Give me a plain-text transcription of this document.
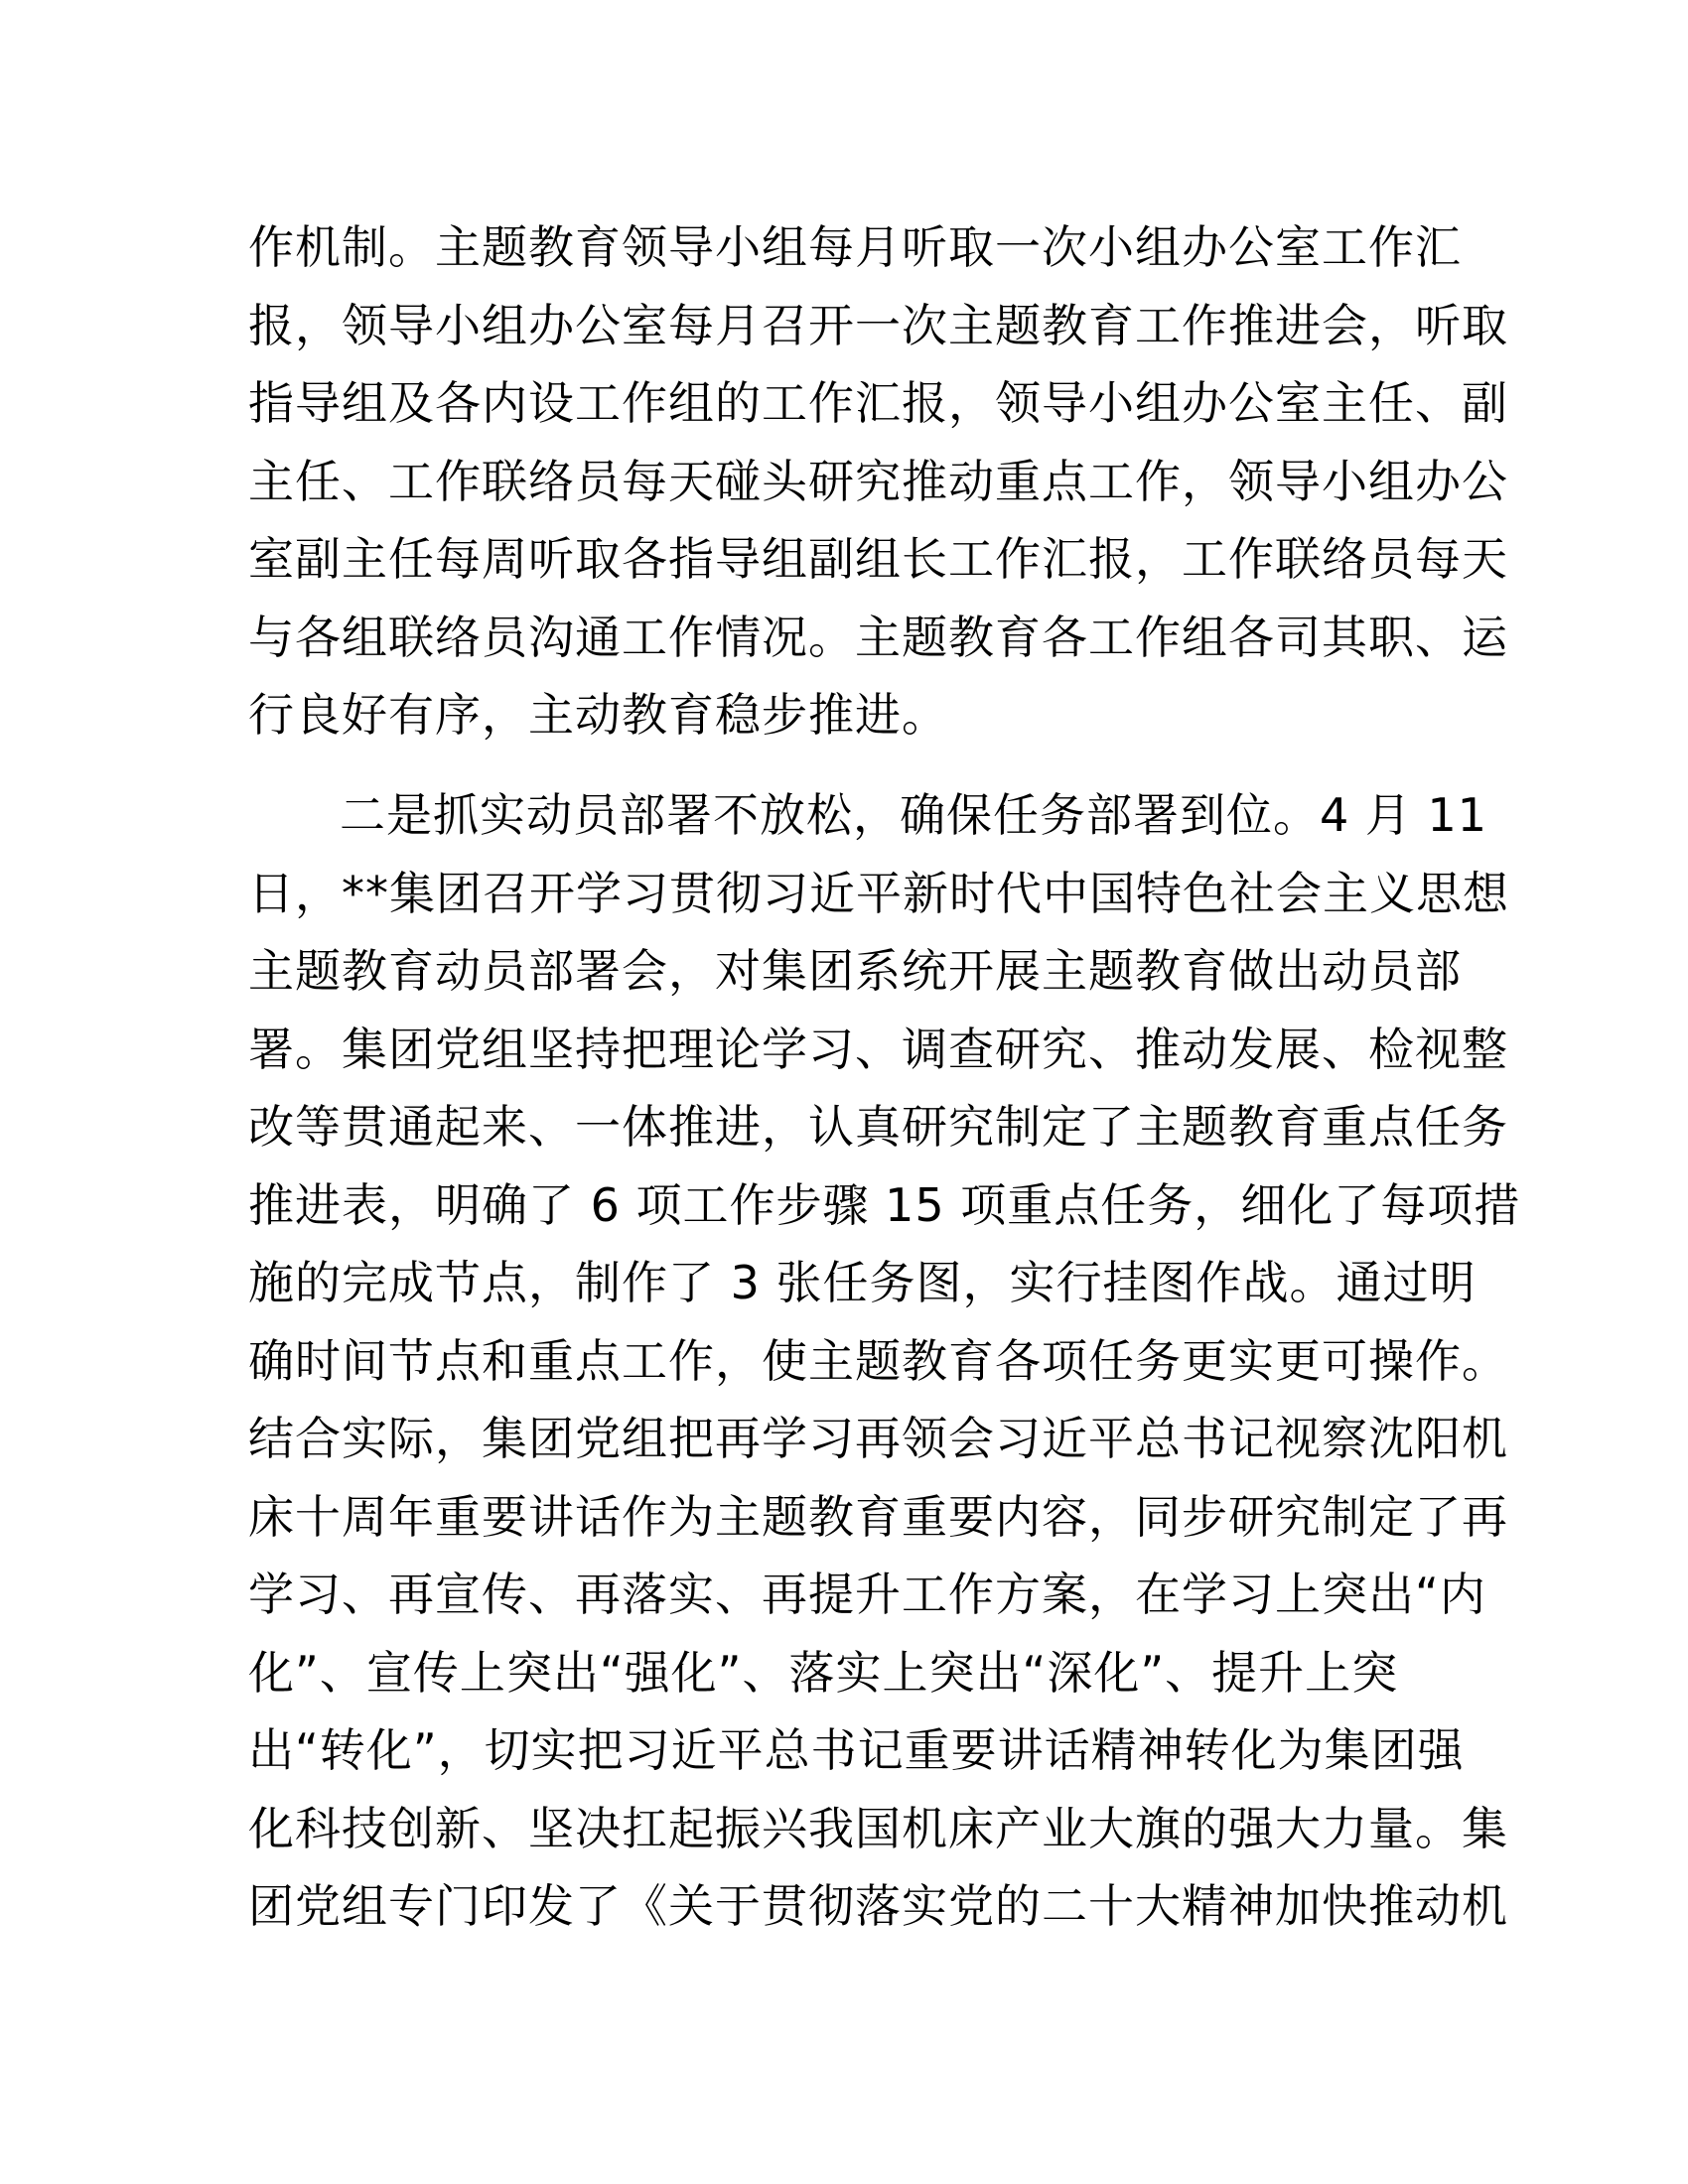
作机制。主题教育领导小组每月听取一次小组办公室工作汇
报，领导小组办公室每月召开一次主题教育工作推进会，听取
指导组及各内设工作组的工作汇报，领导小组办公室主任、副
主任、工作联络员每天碰头研究推动重点工作，领导小组办公
室副主任每周听取各指导组副组长工作汇报，工作联络员每天
与各组联络员沟通工作情况。主题教育各工作组各司其职、运
行良好有序，主动教育稳步推进。

二是抓实动员部署不放松，确保任务部署到位。4 月 11
日，**集团召开学习贯彻习近平新时代中国特色社会主义思想
主题教育动员部署会，对集团系统开展主题教育做出动员部
署。集团党组坚持把理论学习、调查研究、推动发展、检视整
改等贯通起来、一体推进，认真研究制定了主题教育重点任务
推进表，明确了 6 项工作步骤 15 项重点任务，细化了每项措
施的完成节点，制作了 3 张任务图，实行挂图作战。通过明
确时间节点和重点工作，使主题教育各项任务更实更可操作。
结合实际，集团党组把再学习再领会习近平总书记视察沈阳机
床十周年重要讲话作为主题教育重要内容，同步研究制定了再
学习、再宣传、再落实、再提升工作方案，在学习上突出“内
化”、宣传上突出“强化”、落实上突出“深化”、提升上突
出“转化”，切实把习近平总书记重要讲话精神转化为集团强
化科技创新、坚决扛起振兴我国机床产业大旗的强大力量。集
团党组专门印发了《关于贯彻落实党的二十大精神加快推动机
